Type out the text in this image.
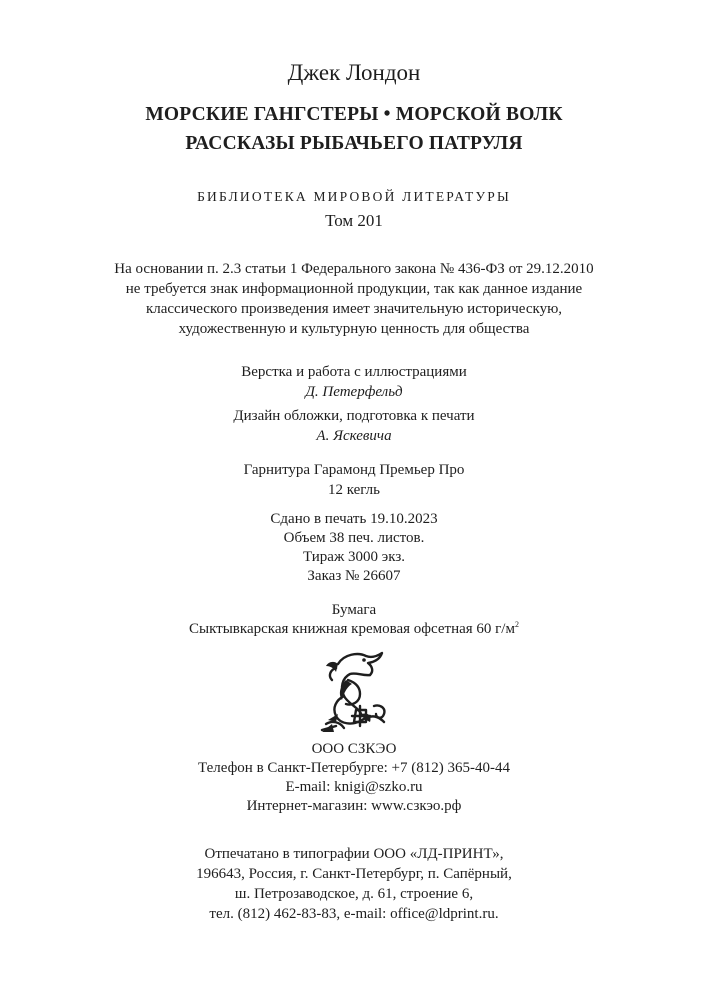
Джек Лондон
МОРСКИЕ ГАНГСТЕРЫ • МОРСКОЙ ВОЛК
РАССКАЗЫ РЫБАЧЬЕГО ПАТРУЛЯ
БИБЛИОТЕКА МИРОВОЙ ЛИТЕРАТУРЫ
Том 201
На основании п. 2.3 статьи 1 Федерального закона № 436-ФЗ от 29.12.2010
не требуется знак информационной продукции, так как данное издание
классического произведения имеет значительную историческую,
художественную и культурную ценность для общества
Верстка и работа с иллюстрациями
Д. Петерфельд
Дизайн обложки, подготовка к печати
А. Яскевича
Гарнитура Гарамонд Премьер Про
12 кегль
Сдано в печать 19.10.2023
Объем 38 печ. листов.
Тираж 3000 экз.
Заказ № 26607
Бумага
Сыктывкарская книжная кремовая офсетная 60 $г/м^2$
ООО СЗКЭО
Телефон в Санкт-Петербурге: +7 (812) 365-40-44
E-mail: knigi@szko.ru
Интернет-магазин: www.сзкэо.рф
Отпечатано в типографии ООО «ЛД-ПРИНТ»,
196643, Россия, г. Санкт-Петербург, п. Сапёрный,
ш. Петрозаводское, д. 61, строение 6,
тел. (812) 462-83-83, e-mail: office@ldprint.ru.
